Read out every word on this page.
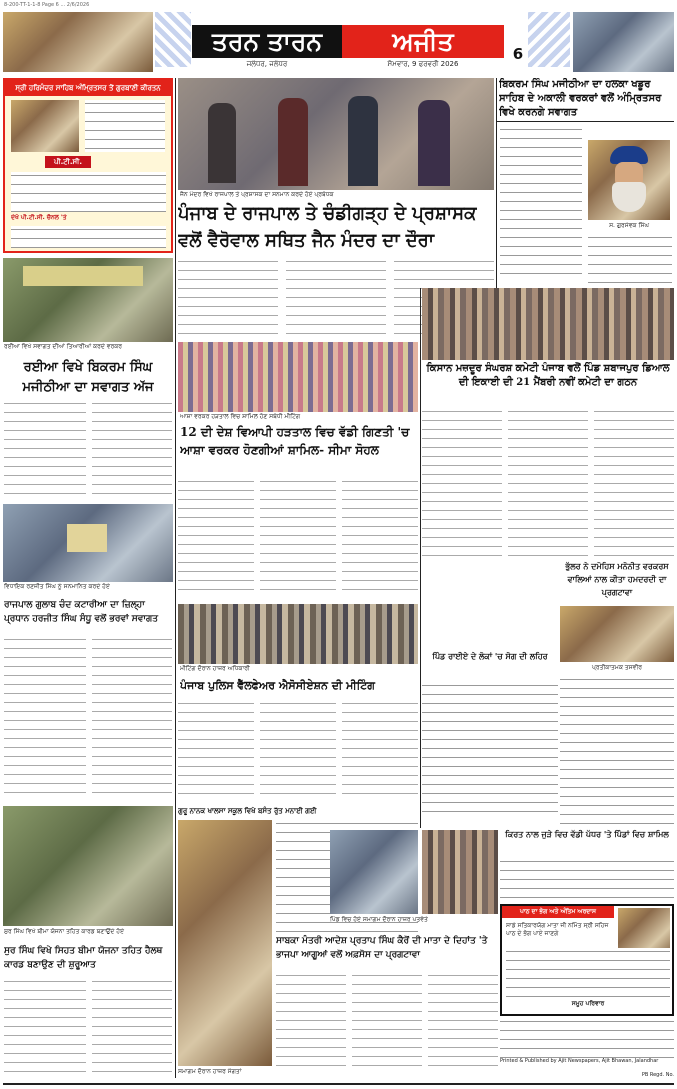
8-200-TT-1-1-8 Page 6 ... 2/6/2026
ਤਰਨ ਤਾਰਨ	ਅਜੀਤ
ਜਲੰਧਰ, ਜਲੰਧਰ	ਸੋਮਵਾਰ, 9 ਫਰਵਰੀ 2026
6
ਸ੍ਰੀ ਹਰਿਮੰਦਰ ਸਾਹਿਬ ਅੰਮ੍ਰਿਤਸਰ ਤੋਂ ਗੁਰਬਾਣੀ ਕੀਰਤਨ
ਪੀ.ਟੀ.ਸੀ.
ਦੇਖੋ ਪੀ.ਟੀ.ਸੀ. ਚੈਨਲ 'ਤੇ
ਜੈਨ ਮੰਦਰ ਵਿਖੇ ਰਾਜਪਾਲ ਤੇ ਪ੍ਰਸ਼ਾਸਕ ਦਾ ਸਨਮਾਨ ਕਰਦੇ ਹੋਏ ਪ੍ਰਬੰਧਕ
ਪੰਜਾਬ ਦੇ ਰਾਜਪਾਲ ਤੇ ਚੰਡੀਗੜ੍ਹ ਦੇ ਪ੍ਰਸ਼ਾਸਕ ਵਲੋਂ ਵੈਰੋਵਾਲ ਸਥਿਤ ਜੈਨ ਮੰਦਰ ਦਾ ਦੌਰਾ
ਬਿਕਰਮ ਸਿੰਘ ਮਜੀਠੀਆ ਦਾ ਹਲਕਾ ਖਡੂਰ ਸਾਹਿਬ ਦੇ ਅਕਾਲੀ ਵਰਕਰਾਂ ਵਲੋਂ ਅੰਮ੍ਰਿਤਸਰ ਵਿਖੇ ਕਰਨਗੇ ਸਵਾਗਤ
ਸ. ਗੁਰਸੇਵਕ ਸਿੰਘ
ਰਈਆ ਵਿਖੇ ਸਵਾਗਤ ਦੀਆਂ ਤਿਆਰੀਆਂ ਕਰਦੇ ਵਰਕਰ
ਰਈਆ ਵਿਖੇ ਬਿਕਰਮ ਸਿੰਘ ਮਜੀਠੀਆ ਦਾ ਸਵਾਗਤ ਅੱਜ
ਕਿਸਾਨ ਮਜ਼ਦੂਰ ਸੰਘਰਸ਼ ਕਮੇਟੀ ਪੰਜਾਬ ਵਲੋਂ ਪਿੰਡ ਸ਼ਬਾਜਪੁਰ ਡਿਆਲ ਦੀ ਇਕਾਈ ਦੀ 21 ਮੈਂਬਰੀ ਨਵੀਂ ਕਮੇਟੀ ਦਾ ਗਠਨ
ਆਸ਼ਾ ਵਰਕਰ ਹੜਤਾਲ ਵਿਚ ਸ਼ਾਮਿਲ ਹੋਣ ਸਬੰਧੀ ਮੀਟਿੰਗ
12 ਦੀ ਦੇਸ਼ ਵਿਆਪੀ ਹੜਤਾਲ ਵਿਚ ਵੱਡੀ ਗਿਣਤੀ 'ਚ ਆਸ਼ਾ ਵਰਕਰ ਹੋਣਗੀਆਂ ਸ਼ਾਮਿਲ- ਸੀਮਾ ਸੋਹਲ
ਵਿਧਾਇਕ ਰਣਜੀਤ ਸਿੰਘ ਨੂੰ ਸਨਮਾਨਿਤ ਕਰਦੇ ਹੋਏ
ਰਾਜਪਾਲ ਗੁਲਾਬ ਚੰਦ ਕਟਾਰੀਆ ਦਾ ਜ਼ਿਲ੍ਹਾ ਪ੍ਰਧਾਨ ਹਰਜੀਤ ਸਿੰਘ ਸੰਧੂ ਵਲੋਂ ਭਰਵਾਂ ਸਵਾਗਤ
ਭੁੱਲਰ ਨੇ ਦਮੋਹਿਸ ਮਨੋਨੀਤ ਵਰਕਰਸ ਵਾਲਿਆਂ ਨਾਲ ਕੀਤਾ ਹਮਦਰਦੀ ਦਾ ਪ੍ਰਗਟਾਵਾ
ਮੀਟਿੰਗ ਦੌਰਾਨ ਹਾਜ਼ਰ ਅਧਿਕਾਰੀ
ਪੰਜਾਬ ਪੁਲਿਸ ਵੈੱਲਫੇਅਰ ਐਸੋਸੀਏਸ਼ਨ ਦੀ ਮੀਟਿੰਗ
ਪਿੰਡ ਰਾਈਏ ਦੇ ਲੋਕਾਂ 'ਚ ਸੋਗ ਦੀ ਲਹਿਰ
ਪ੍ਰਤੀਕਾਤਮਕ ਤਸਵੀਰ
ਕਿਰਤ ਨਾਲ ਜੁੜੇ ਵਿਚ ਵੱਡੀ ਪੱਧਰ 'ਤੇ ਪਿੰਡਾਂ ਵਿਚ ਸ਼ਾਮਿਲ
ਗੁਰੂ ਨਾਨਕ ਖਾਲਸਾ ਸਕੂਲ ਵਿਖੇ ਬਸੰਤ ਰੁੱਤ ਮਨਾਈ ਗਈ
ਸਮਾਗਮ ਦੌਰਾਨ ਹਾਜ਼ਰ ਸੰਗਤਾਂ
ਸੁਰ ਸਿੰਘ ਵਿਖੇ ਬੀਮਾ ਯੋਜਨਾ ਤਹਿਤ ਕਾਰਡ ਬਣਾਉਂਦੇ ਹੋਏ
ਸੁਰ ਸਿੰਘ ਵਿਖੇ ਸਿਹਤ ਬੀਮਾ ਯੋਜਨਾ ਤਹਿਤ ਹੈਲਥ ਕਾਰਡ ਬਣਾਉਣ ਦੀ ਸ਼ੁਰੂਆਤ
ਪਿੰਡ ਵਿਚ ਹੋਏ ਸਮਾਗਮ ਦੌਰਾਨ ਹਾਜ਼ਰ ਪਤਵੰਤੇ
ਸਾਬਕਾ ਮੰਤਰੀ ਆਦੇਸ਼ ਪ੍ਰਤਾਪ ਸਿੰਘ ਕੈਰੋਂ ਦੀ ਮਾਤਾ ਦੇ ਦਿਹਾਂਤ 'ਤੇ ਭਾਜਪਾ ਆਗੂਆਂ ਵਲੋਂ ਅਫ਼ਸੋਸ ਦਾ ਪ੍ਰਗਟਾਵਾ
ਪਾਠ ਦਾ ਭੋਗ ਅਤੇ ਅੰਤਿਮ ਅਰਦਾਸ
ਸਾਡੇ ਸਤਿਕਾਰਯੋਗ ਮਾਤਾ ਜੀ ਨਮਿੱਤ ਸ੍ਰੀ ਸਹਿਜ ਪਾਠ ਦੇ ਭੋਗ ਪਾਏ ਜਾਣਗੇ
ਸਮੂਹ ਪਰਿਵਾਰ
Printed & Published by Ajit Newspapers, Ajit Bhawan, Jalandhar
PB Regd. No.
